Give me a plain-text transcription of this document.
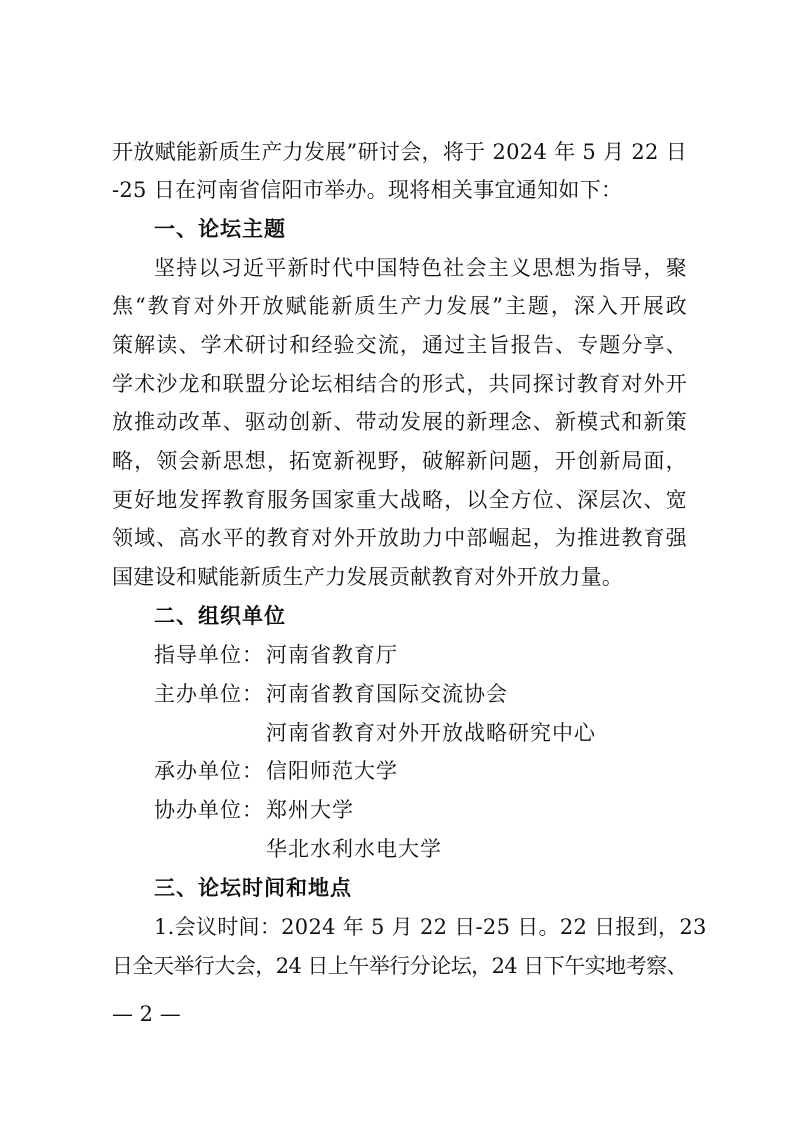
开放赋能新质生产力发展”研讨会，将于 2024 年 5 月 22 日
-25 日在河南省信阳市举办。现将相关事宜通知如下：
一、论坛主题
坚持以习近平新时代中国特色社会主义思想为指导，聚
焦“教育对外开放赋能新质生产力发展”主题，深入开展政
策解读、学术研讨和经验交流，通过主旨报告、专题分享、
学术沙龙和联盟分论坛相结合的形式，共同探讨教育对外开
放推动改革、驱动创新、带动发展的新理念、新模式和新策
略，领会新思想，拓宽新视野，破解新问题，开创新局面，
更好地发挥教育服务国家重大战略，以全方位、深层次、宽
领域、高水平的教育对外开放助力中部崛起，为推进教育强
国建设和赋能新质生产力发展贡献教育对外开放力量。
二、组织单位
指导单位：河南省教育厅
主办单位：河南省教育国际交流协会
河南省教育对外开放战略研究中心
承办单位：信阳师范大学
协办单位：郑州大学
华北水利水电大学
三、论坛时间和地点
1.会议时间：2024 年 5 月 22 日-25 日。22 日报到，23
日全天举行大会，24 日上午举行分论坛，24 日下午实地考察、
— 2 —
